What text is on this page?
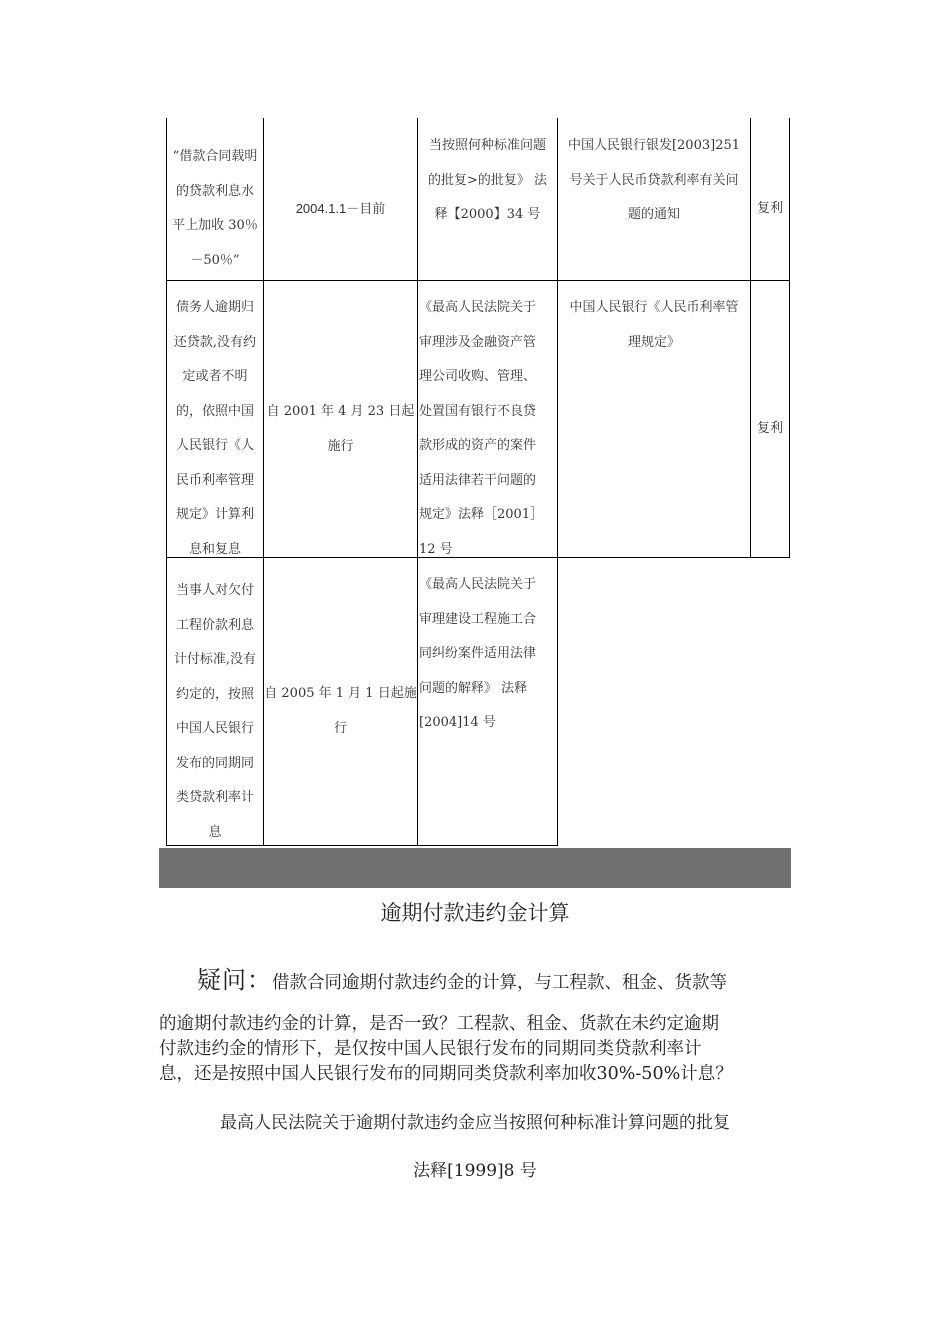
“借款合同载明
的贷款利息水
平上加收 30％
－50％”
2004.1.1－目前
当按照何种标准问题
的批复>的批复》 法
释【2000】34 号
中国人民银行银发[2003]251
号关于人民币贷款利率有关问
题的通知	复利
债务人逾期归
还贷款,没有约
定或者不明
的，依照中国
人民银行《人
民币利率管理
规定》计算利
息和复息
自 2001 年 4 月 23 日起
施行
《最高人民法院关于
审理涉及金融资产管
理公司收购、管理、
处置国有银行不良贷
款形成的资产的案件
适用法律若干问题的
规定》法释［2001］
12 号
中国人民银行《人民币利率管
理规定》
复利
当事人对欠付
工程价款利息
计付标准,没有
约定的，按照
中国人民银行
发布的同期同
类贷款利率计
息
自 2005 年 1 月 1 日起施
行
《最高人民法院关于
审理建设工程施工合
同纠纷案件适用法律
问题的解释》 法释
[2004]14 号
逾期付款违约金计算
疑问：借款合同逾期付款违约金的计算，与工程款、租金、货款等
的逾期付款违约金的计算，是否一致？工程款、租金、货款在未约定逾期
付款违约金的情形下，是仅按中国人民银行发布的同期同类贷款利率计
息，还是按照中国人民银行发布的同期同类贷款利率加收30%-50%计息？
最高人民法院关于逾期付款违约金应当按照何种标准计算问题的批复
法释[1999]8 号
